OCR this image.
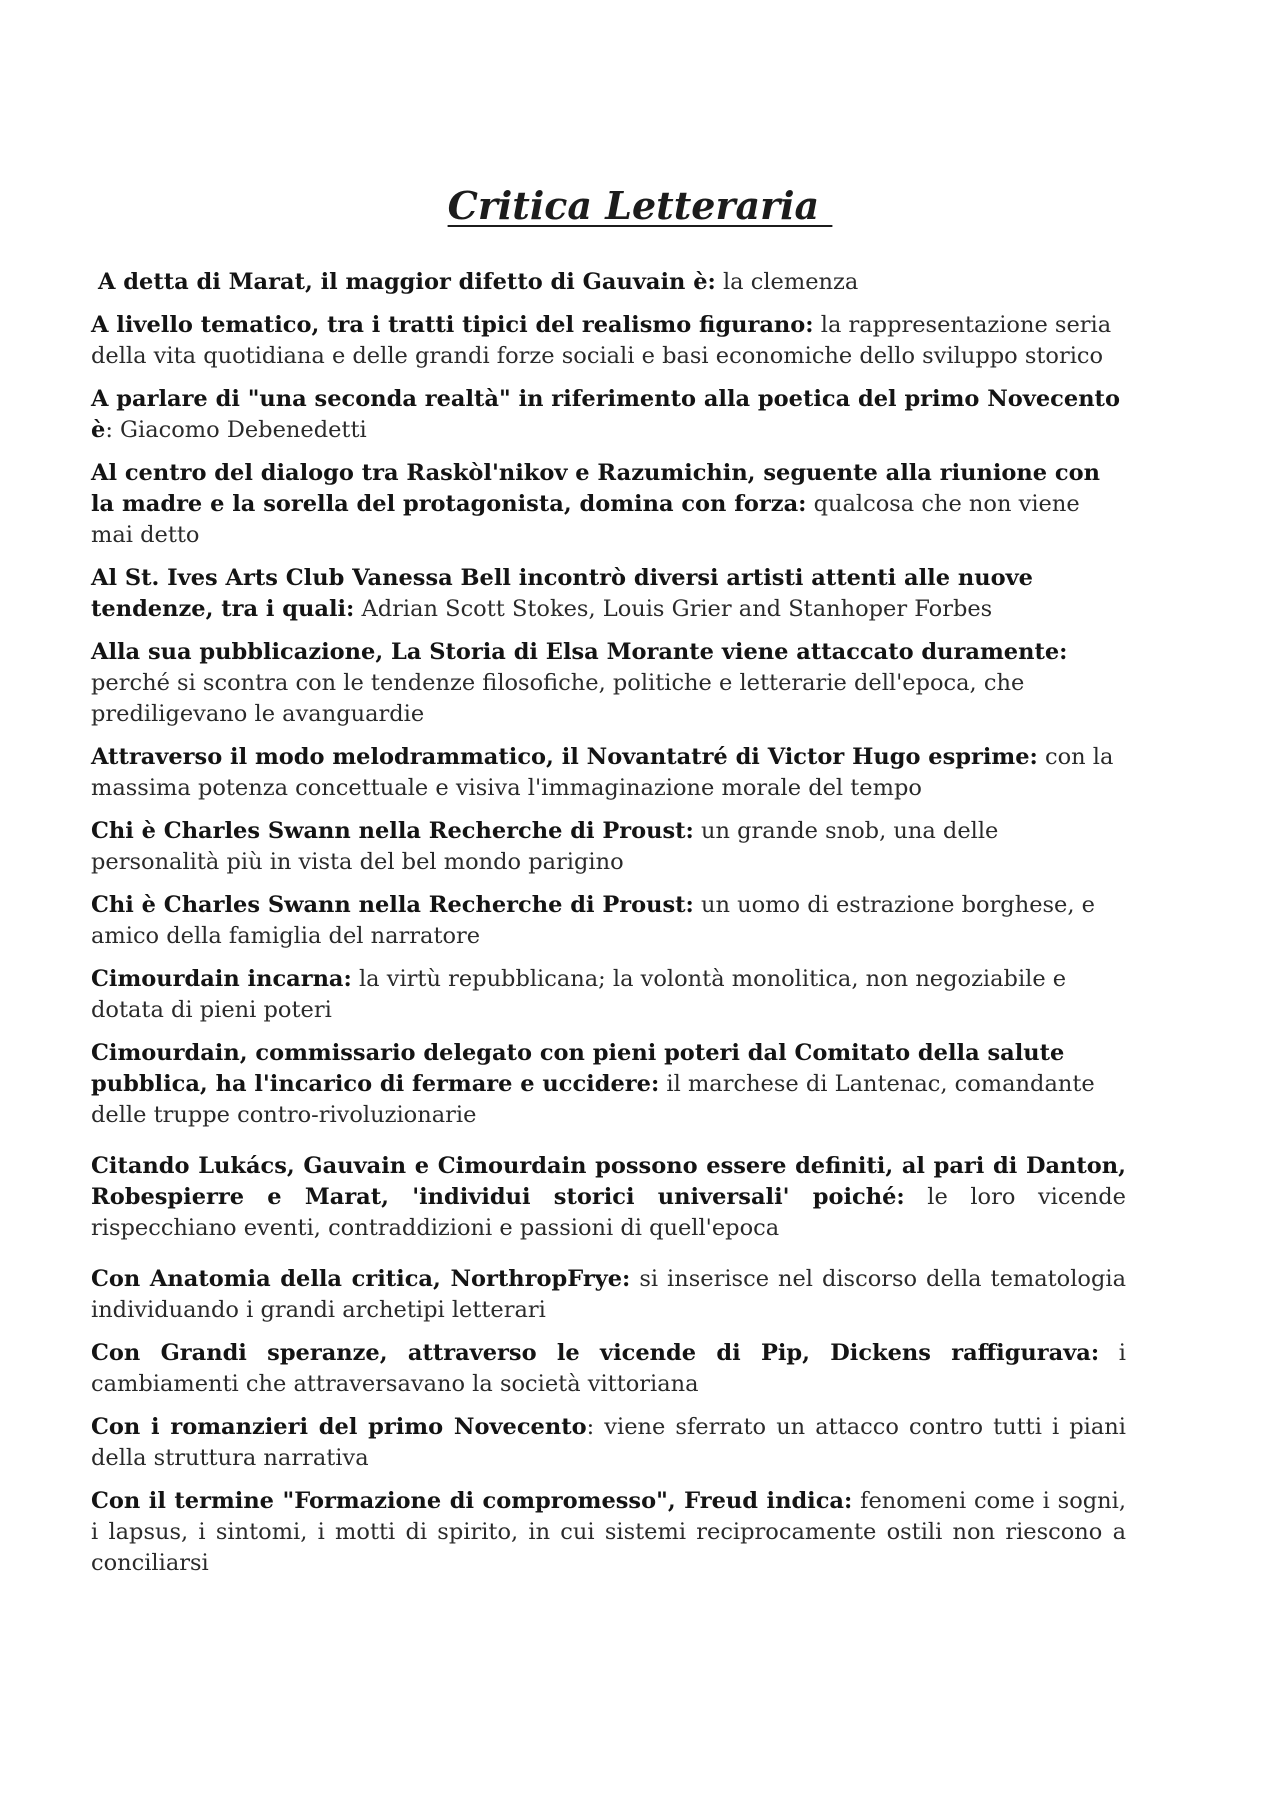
Critica Letteraria

A detta di Marat, il maggior difetto di Gauvain è: la clemenza

A livello tematico, tra i tratti tipici del realismo figurano: la rappresentazione seria della vita quotidiana e delle grandi forze sociali e basi economiche dello sviluppo storico

A parlare di "una seconda realtà" in riferimento alla poetica del primo Novecento è: Giacomo Debenedetti

Al centro del dialogo tra Raskòl'nikov e Razumichin, seguente alla riunione con la madre e la sorella del protagonista, domina con forza: qualcosa che non viene mai detto

Al St. Ives Arts Club Vanessa Bell incontrò diversi artisti attenti alle nuove tendenze, tra i quali: Adrian Scott Stokes, Louis Grier and Stanhoper Forbes

Alla sua pubblicazione, La Storia di Elsa Morante viene attaccato duramente: perché si scontra con le tendenze filosofiche, politiche e letterarie dell'epoca, che prediligevano le avanguardie

Attraverso il modo melodrammatico, il Novantatré di Victor Hugo esprime: con la massima potenza concettuale e visiva l'immaginazione morale del tempo

Chi è Charles Swann nella Recherche di Proust: un grande snob, una delle personalità più in vista del bel mondo parigino

Chi è Charles Swann nella Recherche di Proust: un uomo di estrazione borghese, e amico della famiglia del narratore

Cimourdain incarna: la virtù repubblicana; la volontà monolitica, non negoziabile e dotata di pieni poteri

Cimourdain, commissario delegato con pieni poteri dal Comitato della salute pubblica, ha l'incarico di fermare e uccidere: il marchese di Lantenac, comandante delle truppe contro-rivoluzionarie

Citando Lukács, Gauvain e Cimourdain possono essere definiti, al pari di Danton, Robespierre e Marat, 'individui storici universali' poiché: le loro vicende rispecchiano eventi, contraddizioni e passioni di quell'epoca

Con Anatomia della critica, NorthropFrye: si inserisce nel discorso della tematologia individuando i grandi archetipi letterari

Con Grandi speranze, attraverso le vicende di Pip, Dickens raffigurava: i cambiamenti che attraversavano la società vittoriana

Con i romanzieri del primo Novecento: viene sferrato un attacco contro tutti i piani della struttura narrativa

Con il termine "Formazione di compromesso", Freud indica: fenomeni come i sogni, i lapsus, i sintomi, i motti di spirito, in cui sistemi reciprocamente ostili non riescono a conciliarsi
